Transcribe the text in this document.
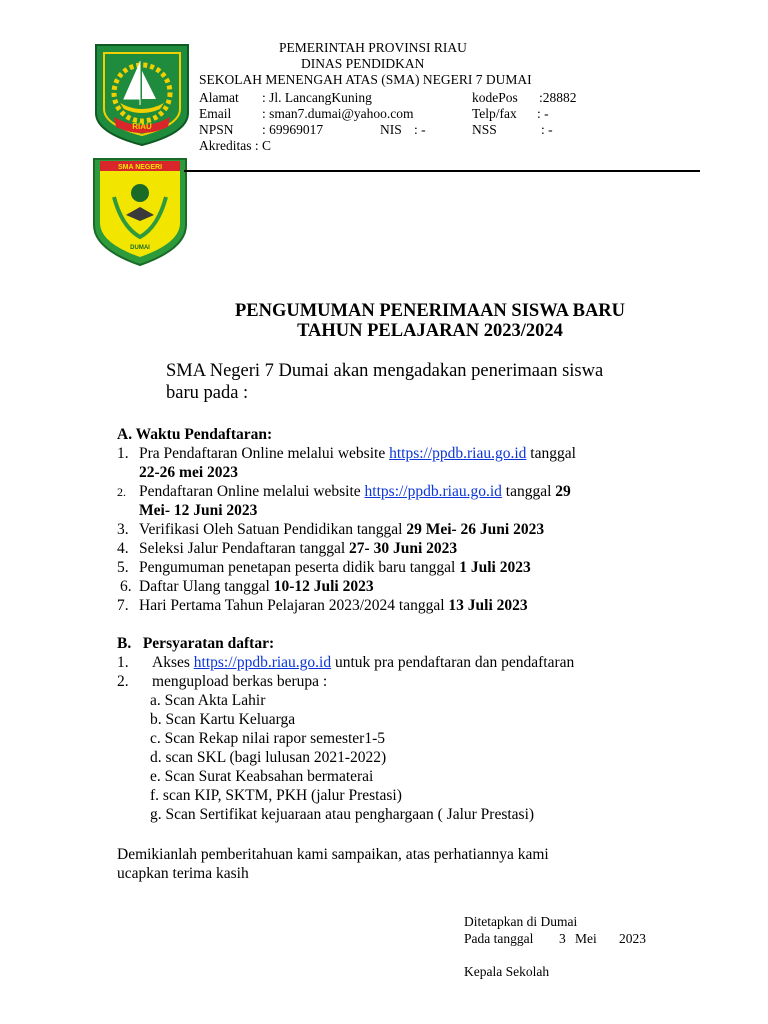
RIAU
SMA NEGERI
DUMAI
PEMERINTAH PROVINSI RIAU
DINAS PENDIDKAN
SEKOLAH MENENGAH ATAS (SMA) NEGERI 7 DUMAI
Alamat : Jl. LancangKuning	kodePos :28882
Email : sman7.dumai@yahoo.com	Telp/fax : -
NPSN : 69969017	NIS : -	NSS	: -
Akreditas : C
PENGUMUMAN PENERIMAAN SISWA BARU
TAHUN PELAJARAN 2023/2024
SMA Negeri 7 Dumai akan mengadakan penerimaan siswa
baru pada :
A. Waktu Pendaftaran:
1. Pra Pendaftaran Online melalui website https://ppdb.riau.go.id tanggal
22-26 mei 2023
2. Pendaftaran Online melalui website https://ppdb.riau.go.id tanggal 29
Mei- 12 Juni 2023
3. Verifikasi Oleh Satuan Pendidikan tanggal 29 Mei- 26 Juni 2023
4. Seleksi Jalur Pendaftaran tanggal 27- 30 Juni 2023
5. Pengumuman penetapan peserta didik baru tanggal 1 Juli 2023
6. Daftar Ulang tanggal 10-12 Juli 2023
7. Hari Pertama Tahun Pelajaran 2023/2024 tanggal 13 Juli 2023
B.   Persyaratan daftar:
1. Akses https://ppdb.riau.go.id untuk pra pendaftaran dan pendaftaran
2. mengupload berkas berupa :
a. Scan Akta Lahir
b. Scan Kartu Keluarga
c. Scan Rekap nilai rapor semester1-5
d. scan SKL (bagi lulusan 2021-2022)
e. Scan Surat Keabsahan bermaterai
f. scan KIP, SKTM, PKH (jalur Prestasi)
g. Scan Sertifikat kejuaraan atau penghargaan ( Jalur Prestasi)
Demikianlah pemberitahuan kami sampaikan, atas perhatiannya kami
ucapkan terima kasih
Ditetapkan di Dumai
Pada tanggal 3 Mei 2023
Kepala Sekolah
